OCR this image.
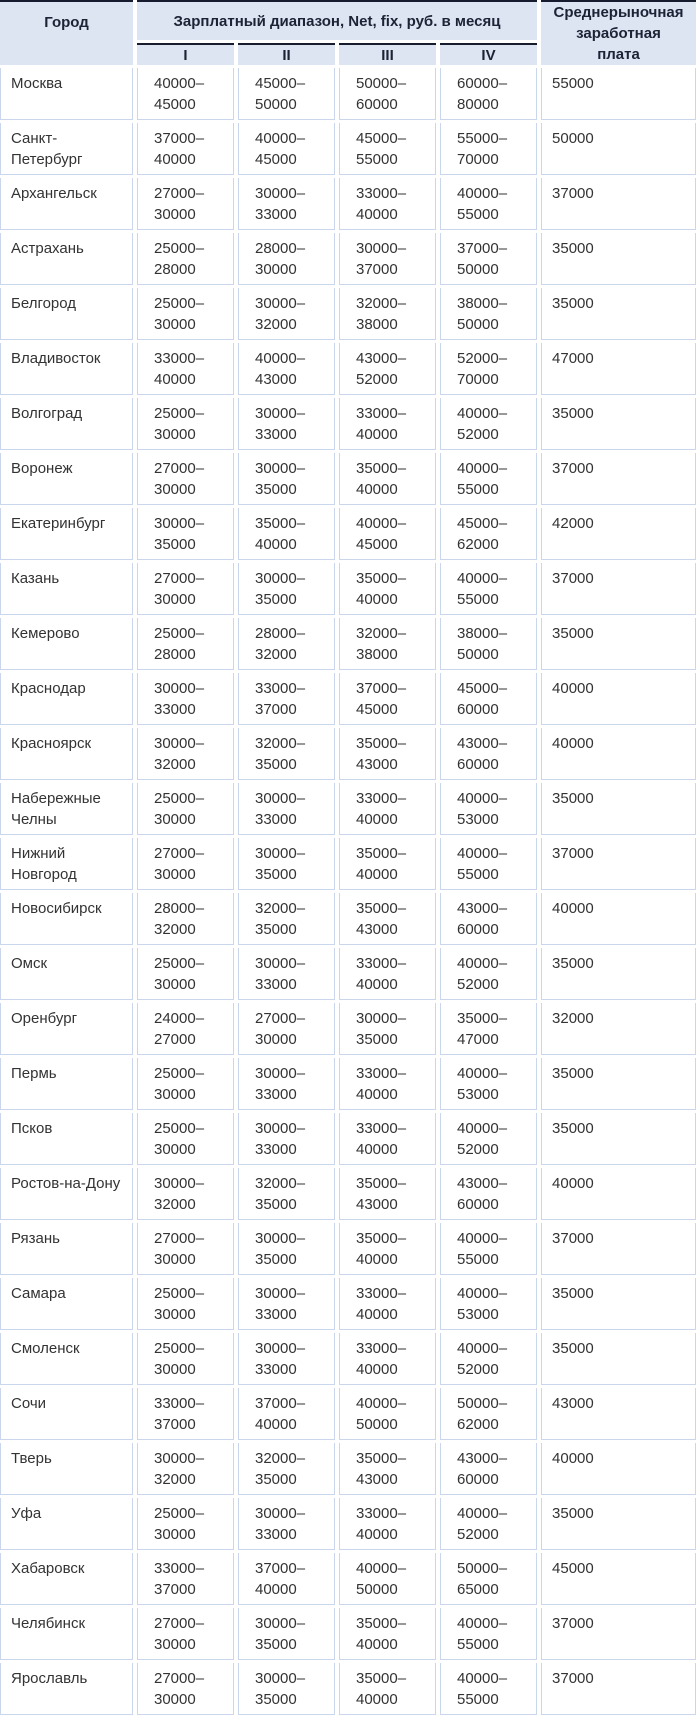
Город	Зарплатный диапазон, Net, fix, руб. в месяц				Среднерыночная заработная плата
	I	II	III	IV	
Москва	40000–45000	45000–50000	50000–60000	60000–80000	55000
Санкт-Петербург	37000–40000	40000–45000	45000–55000	55000–70000	50000
Архангельск	27000–30000	30000–33000	33000–40000	40000–55000	37000
Астрахань	25000–28000	28000–30000	30000–37000	37000–50000	35000
Белгород	25000–30000	30000–32000	32000–38000	38000–50000	35000
Владивосток	33000–40000	40000–43000	43000–52000	52000–70000	47000
Волгоград	25000–30000	30000–33000	33000–40000	40000–52000	35000
Воронеж	27000–30000	30000–35000	35000–40000	40000–55000	37000
Екатеринбург	30000–35000	35000–40000	40000–45000	45000–62000	42000
Казань	27000–30000	30000–35000	35000–40000	40000–55000	37000
Кемерово	25000–28000	28000–32000	32000–38000	38000–50000	35000
Краснодар	30000–33000	33000–37000	37000–45000	45000–60000	40000
Красноярск	30000–32000	32000–35000	35000–43000	43000–60000	40000
Набережные Челны	25000–30000	30000–33000	33000–40000	40000–53000	35000
Нижний Новгород	27000–30000	30000–35000	35000–40000	40000–55000	37000
Новосибирск	28000–32000	32000–35000	35000–43000	43000–60000	40000
Омск	25000–30000	30000–33000	33000–40000	40000–52000	35000
Оренбург	24000–27000	27000–30000	30000–35000	35000–47000	32000
Пермь	25000–30000	30000–33000	33000–40000	40000–53000	35000
Псков	25000–30000	30000–33000	33000–40000	40000–52000	35000
Ростов-на-Дону	30000–32000	32000–35000	35000–43000	43000–60000	40000
Рязань	27000–30000	30000–35000	35000–40000	40000–55000	37000
Самара	25000–30000	30000–33000	33000–40000	40000–53000	35000
Смоленск	25000–30000	30000–33000	33000–40000	40000–52000	35000
Сочи	33000–37000	37000–40000	40000–50000	50000–62000	43000
Тверь	30000–32000	32000–35000	35000–43000	43000–60000	40000
Уфа	25000–30000	30000–33000	33000–40000	40000–52000	35000
Хабаровск	33000–37000	37000–40000	40000–50000	50000–65000	45000
Челябинск	27000–30000	30000–35000	35000–40000	40000–55000	37000
Ярославль	27000–30000	30000–35000	35000–40000	40000–55000	37000
